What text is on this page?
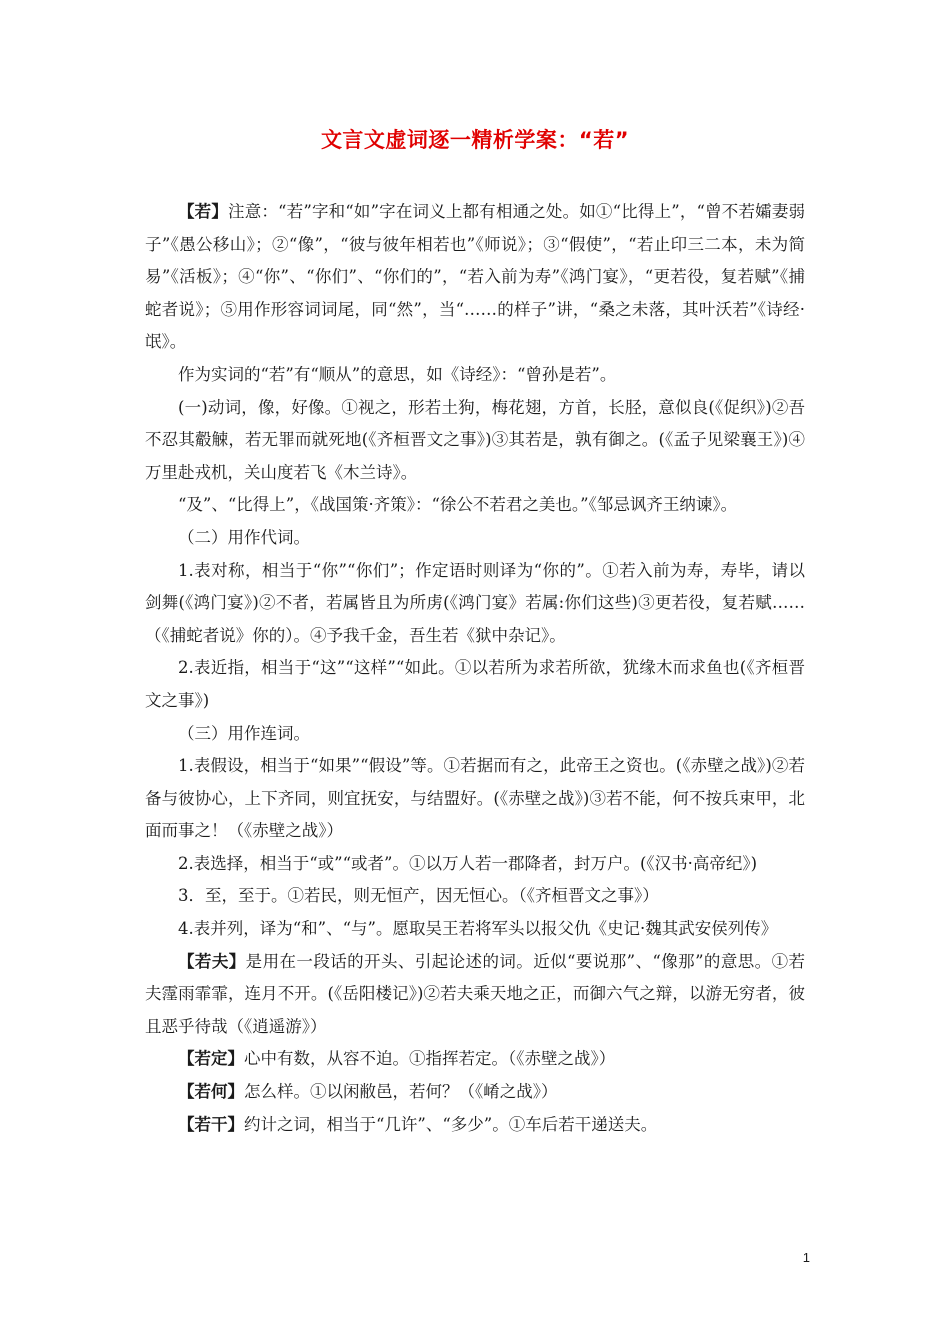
文言文虚词逐一精析学案：“若”

【若】注意：“若”字和“如”字在词义上都有相通之处。如①“比得上”，“曾不若孀妻弱子”《愚公移山》；②“像”，“彼与彼年相若也”《师说》；③“假使”，“若止印三二本，未为简易”《活板》；④“你”、“你们”、“你们的”，“若入前为寿”《鸿门宴》，“更若役，复若赋”《捕蛇者说》；⑤用作形容词词尾，同“然”，当“……的样子”讲，“桑之未落，其叶沃若”《诗经·氓》。

作为实词的“若”有“顺从”的意思，如《诗经》：“曾孙是若”。

(一)动词，像，好像。①视之，形若土狗，梅花翅，方首，长胫，意似良(《促织》)②吾不忍其觳觫，若无罪而就死地(《齐桓晋文之事》)③其若是，孰有御之。(《孟子见梁襄王》)④万里赴戎机，关山度若飞《木兰诗》。

“及”、“比得上”，《战国策·齐策》：“徐公不若君之美也。”《邹忌讽齐王纳谏》。

（二）用作代词。

1.表对称，相当于“你”“你们”；作定语时则译为“你的”。①若入前为寿，寿毕，请以剑舞(《鸿门宴》)②不者，若属皆且为所虏(《鸿门宴》若属:你们这些)③更若役，复若赋……（《捕蛇者说》你的）。④予我千金，吾生若《狱中杂记》。

2.表近指，相当于“这”“这样”“如此。①以若所为求若所欲，犹缘木而求鱼也(《齐桓晋文之事》)

（三）用作连词。

1.表假设，相当于“如果”“假设”等。①若据而有之，此帝王之资也。(《赤壁之战》)②若备与彼协心，上下齐同，则宜抚安，与结盟好。(《赤壁之战》)③若不能，何不按兵束甲，北面而事之！（《赤壁之战》）

2.表选择，相当于“或”“或者”。①以万人若一郡降者，封万户。(《汉书·高帝纪》)

3．至，至于。①若民，则无恒产，因无恒心。（《齐桓晋文之事》）

4.表并列，译为“和”、“与”。愿取吴王若将军头以报父仇《史记·魏其武安侯列传》

【若夫】是用在一段话的开头、引起论述的词。近似“要说那”、“像那”的意思。①若夫霪雨霏霏，连月不开。(《岳阳楼记》)②若夫乘天地之正，而御六气之辩，以游无穷者，彼且恶乎待哉（《逍遥游》）

【若定】心中有数，从容不迫。①指挥若定。（《赤壁之战》）

【若何】怎么样。①以闲敝邑，若何？（《崤之战》）

【若干】约计之词，相当于“几许”、“多少”。①车后若干递送夫。

1
